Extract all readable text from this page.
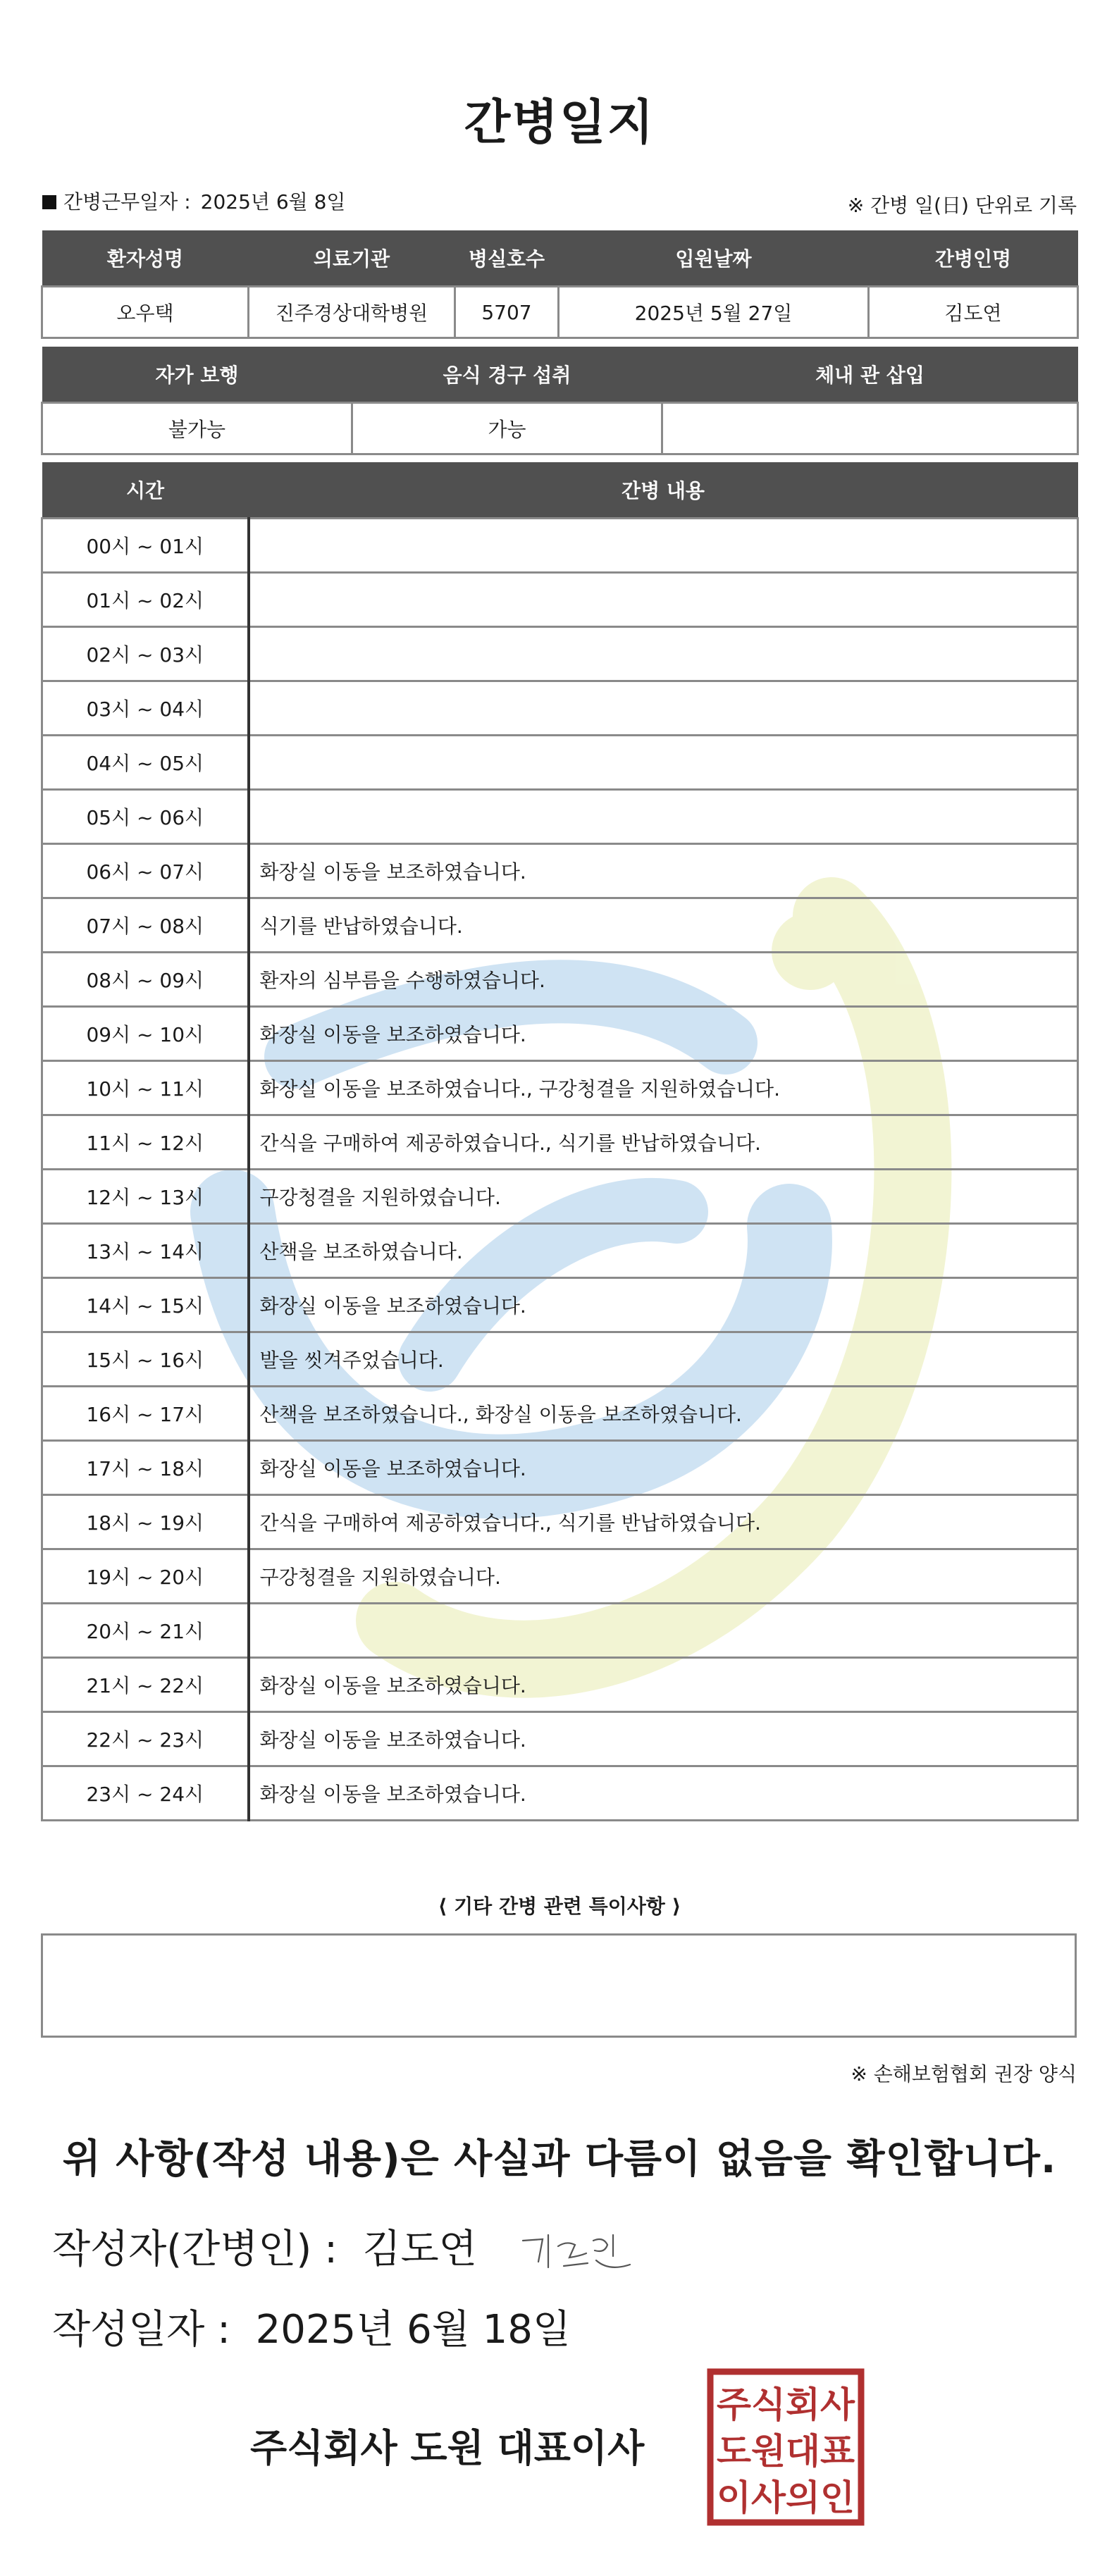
간병일지
간병근무일자 : 2025년 6월 8일	※ 간병 일(日) 단위로 기록
환자성명	의료기관	병실호수	입원날짜	간병인명
오우택	진주경상대학병원	5707	2025년 5월 27일	김도연
자가 보행	음식 경구 섭취	체내 관 삽입
불가능	가능	
시간	간병 내용
00시 ~ 01시	
01시 ~ 02시	
02시 ~ 03시	
03시 ~ 04시	
04시 ~ 05시	
05시 ~ 06시	
06시 ~ 07시	화장실 이동을 보조하였습니다.
07시 ~ 08시	식기를 반납하였습니다.
08시 ~ 09시	환자의 심부름을 수행하였습니다.
09시 ~ 10시	화장실 이동을 보조하였습니다.
10시 ~ 11시	화장실 이동을 보조하였습니다., 구강청결을 지원하였습니다.
11시 ~ 12시	간식을 구매하여 제공하였습니다., 식기를 반납하였습니다.
12시 ~ 13시	구강청결을 지원하였습니다.
13시 ~ 14시	산책을 보조하였습니다.
14시 ~ 15시	화장실 이동을 보조하였습니다.
15시 ~ 16시	발을 씻겨주었습니다.
16시 ~ 17시	산책을 보조하였습니다., 화장실 이동을 보조하였습니다.
17시 ~ 18시	화장실 이동을 보조하였습니다.
18시 ~ 19시	간식을 구매하여 제공하였습니다., 식기를 반납하였습니다.
19시 ~ 20시	구강청결을 지원하였습니다.
20시 ~ 21시	
21시 ~ 22시	화장실 이동을 보조하였습니다.
22시 ~ 23시	화장실 이동을 보조하였습니다.
23시 ~ 24시	화장실 이동을 보조하였습니다.
⟨ 기타 간병 관련 특이사항 ⟩
※ 손해보험협회 권장 양식
위 사항(작성 내용)은 사실과 다름이 없음을 확인합니다.
작성자(간병인) : 김도연
작성일자 : 2025년 6월 18일
주식회사 도원 대표이사
주식회사
도원대표
이사의인
